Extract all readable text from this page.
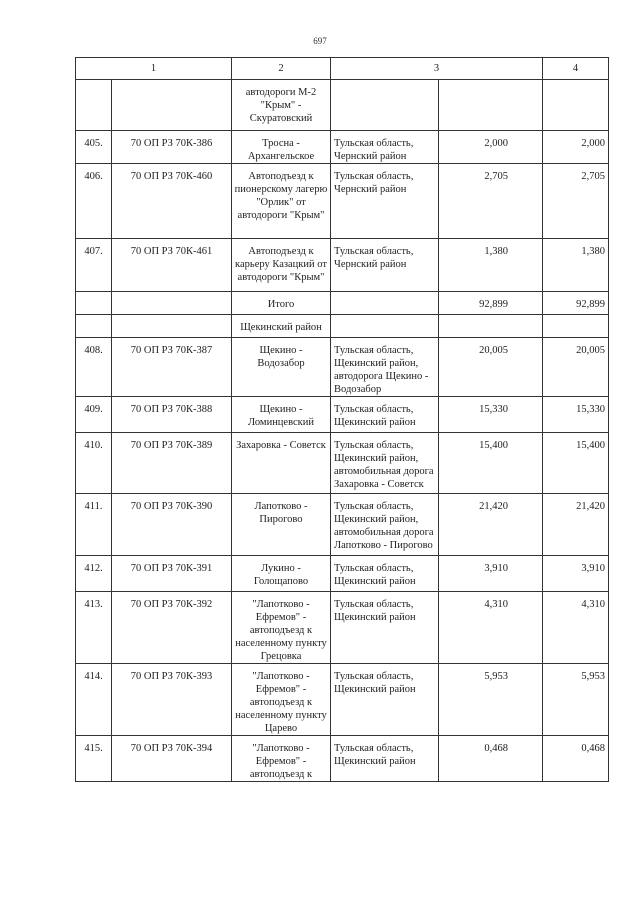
697
1		2	3		4

		автодороги М-2
"Крым" -
Скуратовский			

405.	70 ОП РЗ 70К-386	Тросна -
Архангельское	Тульская область,
Чернский район	2,000	2,000
406.	70 ОП РЗ 70К-460	Автоподъезд к
пионерскому лагерю
"Орлик" от
автодороги "Крым"	Тульская область,
Чернский район	2,705	2,705
407.	70 ОП РЗ 70К-461	Автоподъезд к
карьеру Казацкий от
автодороги "Крым"	Тульская область,
Чернский район	1,380	1,380

		Итого		92,899	92,899

		Щекинский район			

408.	70 ОП РЗ 70К-387	Щекино -
Водозабор	Тульская область,
Щекинский район,
автодорога Щекино -
Водозабор	20,005	20,005
409.	70 ОП РЗ 70К-388	Щекино -
Ломинцевский	Тульская область,
Щекинский район	15,330	15,330
410.	70 ОП РЗ 70К-389	Захаровка - Советск	Тульская область,
Щекинский район,
автомобильная дорога
Захаровка - Советск	15,400	15,400
411.	70 ОП РЗ 70К-390	Лапотково -
Пирогово	Тульская область,
Щекинский район,
автомобильная дорога
Лапотково - Пирогово	21,420	21,420
412.	70 ОП РЗ 70К-391	Лукино -
Голощапово	Тульская область,
Щекинский район	3,910	3,910
413.	70 ОП РЗ 70К-392	"Лапотково -
Ефремов" -
автоподъезд к
населенному пункту
Грецовка	Тульская область,
Щекинский район	4,310	4,310
414.	70 ОП РЗ 70К-393	"Лапотково -
Ефремов" -
автоподъезд к
населенному пункту
Царево	Тульская область,
Щекинский район	5,953	5,953
415.	70 ОП РЗ 70К-394	"Лапотково -
Ефремов" -
автоподъезд к	Тульская область,
Щекинский район	0,468	0,468
